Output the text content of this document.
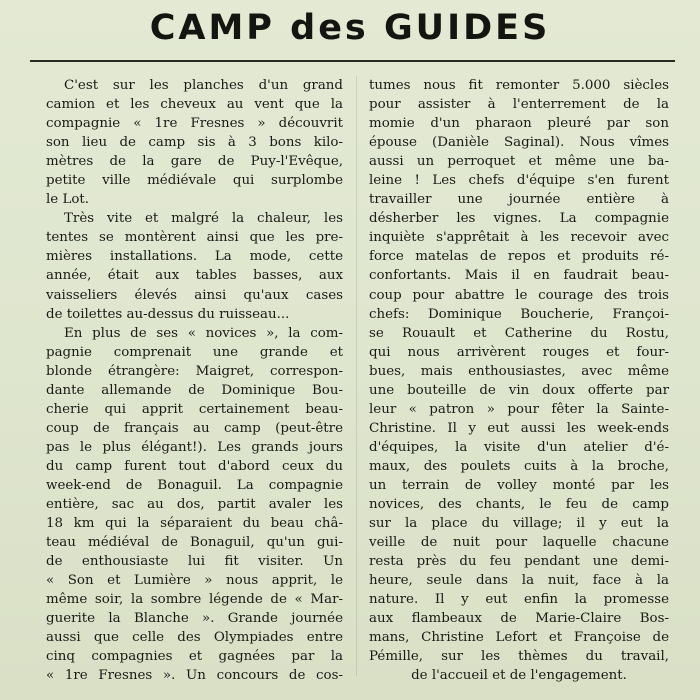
CAMP des GUIDES
C'est sur les planches d'un grand
camion et les cheveux au vent que la
compagnie « 1re Fresnes » découvrit
son lieu de camp sis à 3 bons kilo-
mètres de la gare de Puy-l'Evêque,
petite ville médiévale qui surplombe
le Lot.
Très vite et malgré la chaleur, les
tentes se montèrent ainsi que les pre-
mières installations. La mode, cette
année, était aux tables basses, aux
vaisseliers élevés ainsi qu'aux cases
de toilettes au-dessus du ruisseau...
En plus de ses « novices », la com-
pagnie comprenait une grande et
blonde étrangère: Maigret, correspon-
dante allemande de Dominique Bou-
cherie qui apprit certainement beau-
coup de français au camp (peut-être
pas le plus élégant!). Les grands jours
du camp furent tout d'abord ceux du
week-end de Bonaguil. La compagnie
entière, sac au dos, partit avaler les
18 km qui la séparaient du beau châ-
teau médiéval de Bonaguil, qu'un gui-
de enthousiaste lui fit visiter. Un
« Son et Lumière » nous apprit, le
même soir, la sombre légende de « Mar-
guerite la Blanche ». Grande journée
aussi que celle des Olympiades entre
cinq compagnies et gagnées par la
« 1re Fresnes ». Un concours de cos-
tumes nous fit remonter 5.000 siècles
pour assister à l'enterrement de la
momie d'un pharaon pleuré par son
épouse (Danièle Saginal). Nous vîmes
aussi un perroquet et même une ba-
leine ! Les chefs d'équipe s'en furent
travailler une journée entière à
désherber les vignes. La compagnie
inquiète s'apprêtait à les recevoir avec
force matelas de repos et produits ré-
confortants. Mais il en faudrait beau-
coup pour abattre le courage des trois
chefs: Dominique Boucherie, Françoi-
se Rouault et Catherine du Rostu,
qui nous arrivèrent rouges et four-
bues, mais enthousiastes, avec même
une bouteille de vin doux offerte par
leur « patron » pour fêter la Sainte-
Christine. Il y eut aussi les week-ends
d'équipes, la visite d'un atelier d'é-
maux, des poulets cuits à la broche,
un terrain de volley monté par les
novices, des chants, le feu de camp
sur la place du village; il y eut la
veille de nuit pour laquelle chacune
resta près du feu pendant une demi-
heure, seule dans la nuit, face à la
nature. Il y eut enfin la promesse
aux flambeaux de Marie-Claire Bos-
mans, Christine Lefort et Françoise de
Pémille, sur les thèmes du travail,
de l'accueil et de l'engagement.
